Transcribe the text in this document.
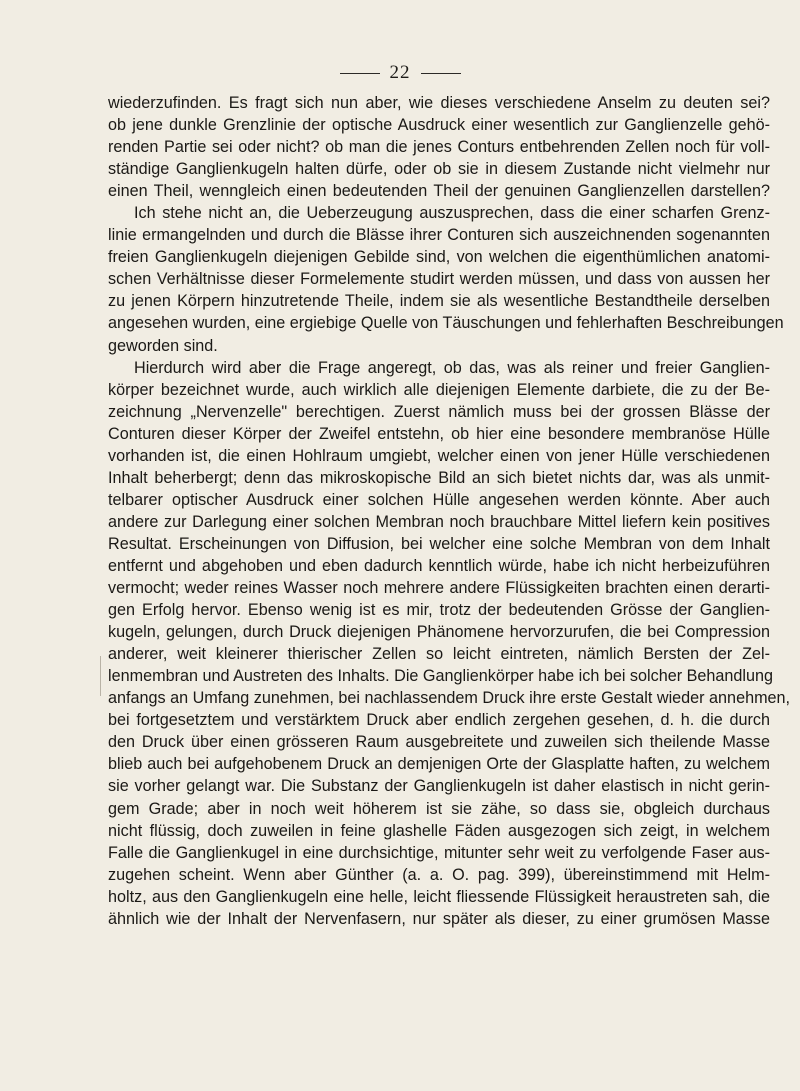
22
wiederzufinden. Es fragt sich nun aber, wie dieses verschiedene Anselm zu deuten sei?
ob jene dunkle Grenzlinie der optische Ausdruck einer wesentlich zur Ganglienzelle gehö-
renden Partie sei oder nicht? ob man die jenes Conturs entbehrenden Zellen noch für voll-
ständige Ganglienkugeln halten dürfe, oder ob sie in diesem Zustande nicht vielmehr nur
einen Theil, wenngleich einen bedeutenden Theil der genuinen Ganglienzellen darstellen?
Ich stehe nicht an, die Ueberzeugung auszusprechen, dass die einer scharfen Grenz-
linie ermangelnden und durch die Blässe ihrer Conturen sich auszeichnenden sogenannten
freien Ganglienkugeln diejenigen Gebilde sind, von welchen die eigenthümlichen anatomi-
schen Verhältnisse dieser Formelemente studirt werden müssen, und dass von aussen her
zu jenen Körpern hinzutretende Theile, indem sie als wesentliche Bestandtheile derselben
angesehen wurden, eine ergiebige Quelle von Täuschungen und fehlerhaften Beschreibungen
geworden sind.
Hierdurch wird aber die Frage angeregt, ob das, was als reiner und freier Ganglien-
körper bezeichnet wurde, auch wirklich alle diejenigen Elemente darbiete, die zu der Be-
zeichnung „Nervenzelle" berechtigen. Zuerst nämlich muss bei der grossen Blässe der
Conturen dieser Körper der Zweifel entstehn, ob hier eine besondere membranöse Hülle
vorhanden ist, die einen Hohlraum umgiebt, welcher einen von jener Hülle verschiedenen
Inhalt beherbergt; denn das mikroskopische Bild an sich bietet nichts dar, was als unmit-
telbarer optischer Ausdruck einer solchen Hülle angesehen werden könnte. Aber auch
andere zur Darlegung einer solchen Membran noch brauchbare Mittel liefern kein positives
Resultat. Erscheinungen von Diffusion, bei welcher eine solche Membran von dem Inhalt
entfernt und abgehoben und eben dadurch kenntlich würde, habe ich nicht herbeizuführen
vermocht; weder reines Wasser noch mehrere andere Flüssigkeiten brachten einen derarti-
gen Erfolg hervor. Ebenso wenig ist es mir, trotz der bedeutenden Grösse der Ganglien-
kugeln, gelungen, durch Druck diejenigen Phänomene hervorzurufen, die bei Compression
anderer, weit kleinerer thierischer Zellen so leicht eintreten, nämlich Bersten der Zel-
lenmembran und Austreten des Inhalts. Die Ganglienkörper habe ich bei solcher Behandlung
anfangs an Umfang zunehmen, bei nachlassendem Druck ihre erste Gestalt wieder annehmen,
bei fortgesetztem und verstärktem Druck aber endlich zergehen gesehen, d. h. die durch
den Druck über einen grösseren Raum ausgebreitete und zuweilen sich theilende Masse
blieb auch bei aufgehobenem Druck an demjenigen Orte der Glasplatte haften, zu welchem
sie vorher gelangt war. Die Substanz der Ganglienkugeln ist daher elastisch in nicht gerin-
gem Grade; aber in noch weit höherem ist sie zähe, so dass sie, obgleich durchaus
nicht flüssig, doch zuweilen in feine glashelle Fäden ausgezogen sich zeigt, in welchem
Falle die Ganglienkugel in eine durchsichtige, mitunter sehr weit zu verfolgende Faser aus-
zugehen scheint. Wenn aber Günther (a. a. O. pag. 399), übereinstimmend mit Helm-
holtz, aus den Ganglienkugeln eine helle, leicht fliessende Flüssigkeit heraustreten sah, die
ähnlich wie der Inhalt der Nervenfasern, nur später als dieser, zu einer grumösen Masse
